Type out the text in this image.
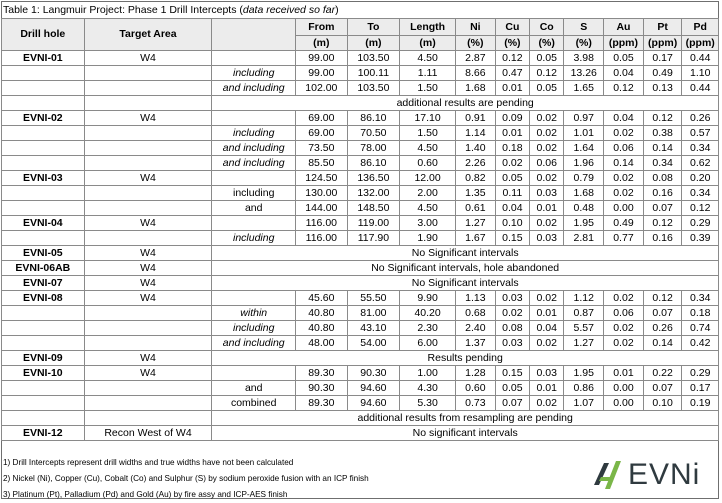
Table 1: Langmuir Project: Phase 1 Drill Intercepts (data received so far)
Drill hole	Target Area		From	To	Length	Ni	Cu	Co	S	Au	Pt	Pd
			(m)	(m)	(m)	(%)	(%)	(%)	(%)	(ppm)	(ppm)	(ppm)
EVNI-01	W4		99.00	103.50	4.50	2.87	0.12	0.05	3.98	0.05	0.17	0.44
		including	99.00	100.11	1.11	8.66	0.47	0.12	13.26	0.04	0.49	1.10
		and including	102.00	103.50	1.50	1.68	0.01	0.05	1.65	0.12	0.13	0.44
		additional results are pending										
EVNI-02	W4		69.00	86.10	17.10	0.91	0.09	0.02	0.97	0.04	0.12	0.26
		including	69.00	70.50	1.50	1.14	0.01	0.02	1.01	0.02	0.38	0.57
		and including	73.50	78.00	4.50	1.40	0.18	0.02	1.64	0.06	0.14	0.34
		and including	85.50	86.10	0.60	2.26	0.02	0.06	1.96	0.14	0.34	0.62
EVNI-03	W4		124.50	136.50	12.00	0.82	0.05	0.02	0.79	0.02	0.08	0.20
		including	130.00	132.00	2.00	1.35	0.11	0.03	1.68	0.02	0.16	0.34
		and	144.00	148.50	4.50	0.61	0.04	0.01	0.48	0.00	0.07	0.12
EVNI-04	W4		116.00	119.00	3.00	1.27	0.10	0.02	1.95	0.49	0.12	0.29
		including	116.00	117.90	1.90	1.67	0.15	0.03	2.81	0.77	0.16	0.39
EVNI-05	W4	No Significant intervals										
EVNI-06AB	W4	No Significant intervals, hole abandoned										
EVNI-07	W4	No Significant intervals										
EVNI-08	W4		45.60	55.50	9.90	1.13	0.03	0.02	1.12	0.02	0.12	0.34
		within	40.80	81.00	40.20	0.68	0.02	0.01	0.87	0.06	0.07	0.18
		including	40.80	43.10	2.30	2.40	0.08	0.04	5.57	0.02	0.26	0.74
		and including	48.00	54.00	6.00	1.37	0.03	0.02	1.27	0.02	0.14	0.42
EVNI-09	W4	Results pending										
EVNI-10	W4		89.30	90.30	1.00	1.28	0.15	0.03	1.95	0.01	0.22	0.29
		and	90.30	94.60	4.30	0.60	0.05	0.01	0.86	0.00	0.07	0.17
		combined	89.30	94.60	5.30	0.73	0.07	0.02	1.07	0.00	0.10	0.19
		additional results from resampling are pending										
EVNI-12	Recon West of W4	No significant intervals										
1) Drill Intercepts represent drill widths and true widths have not been calculated
2) Nickel (Ni), Copper (Cu), Cobalt (Co) and Sulphur (S) by sodium peroxide fusion with an ICP finish
3) Platinum (Pt), Palladium (Pd) and Gold (Au) by fire assy and ICP-AES finish
EVNi
